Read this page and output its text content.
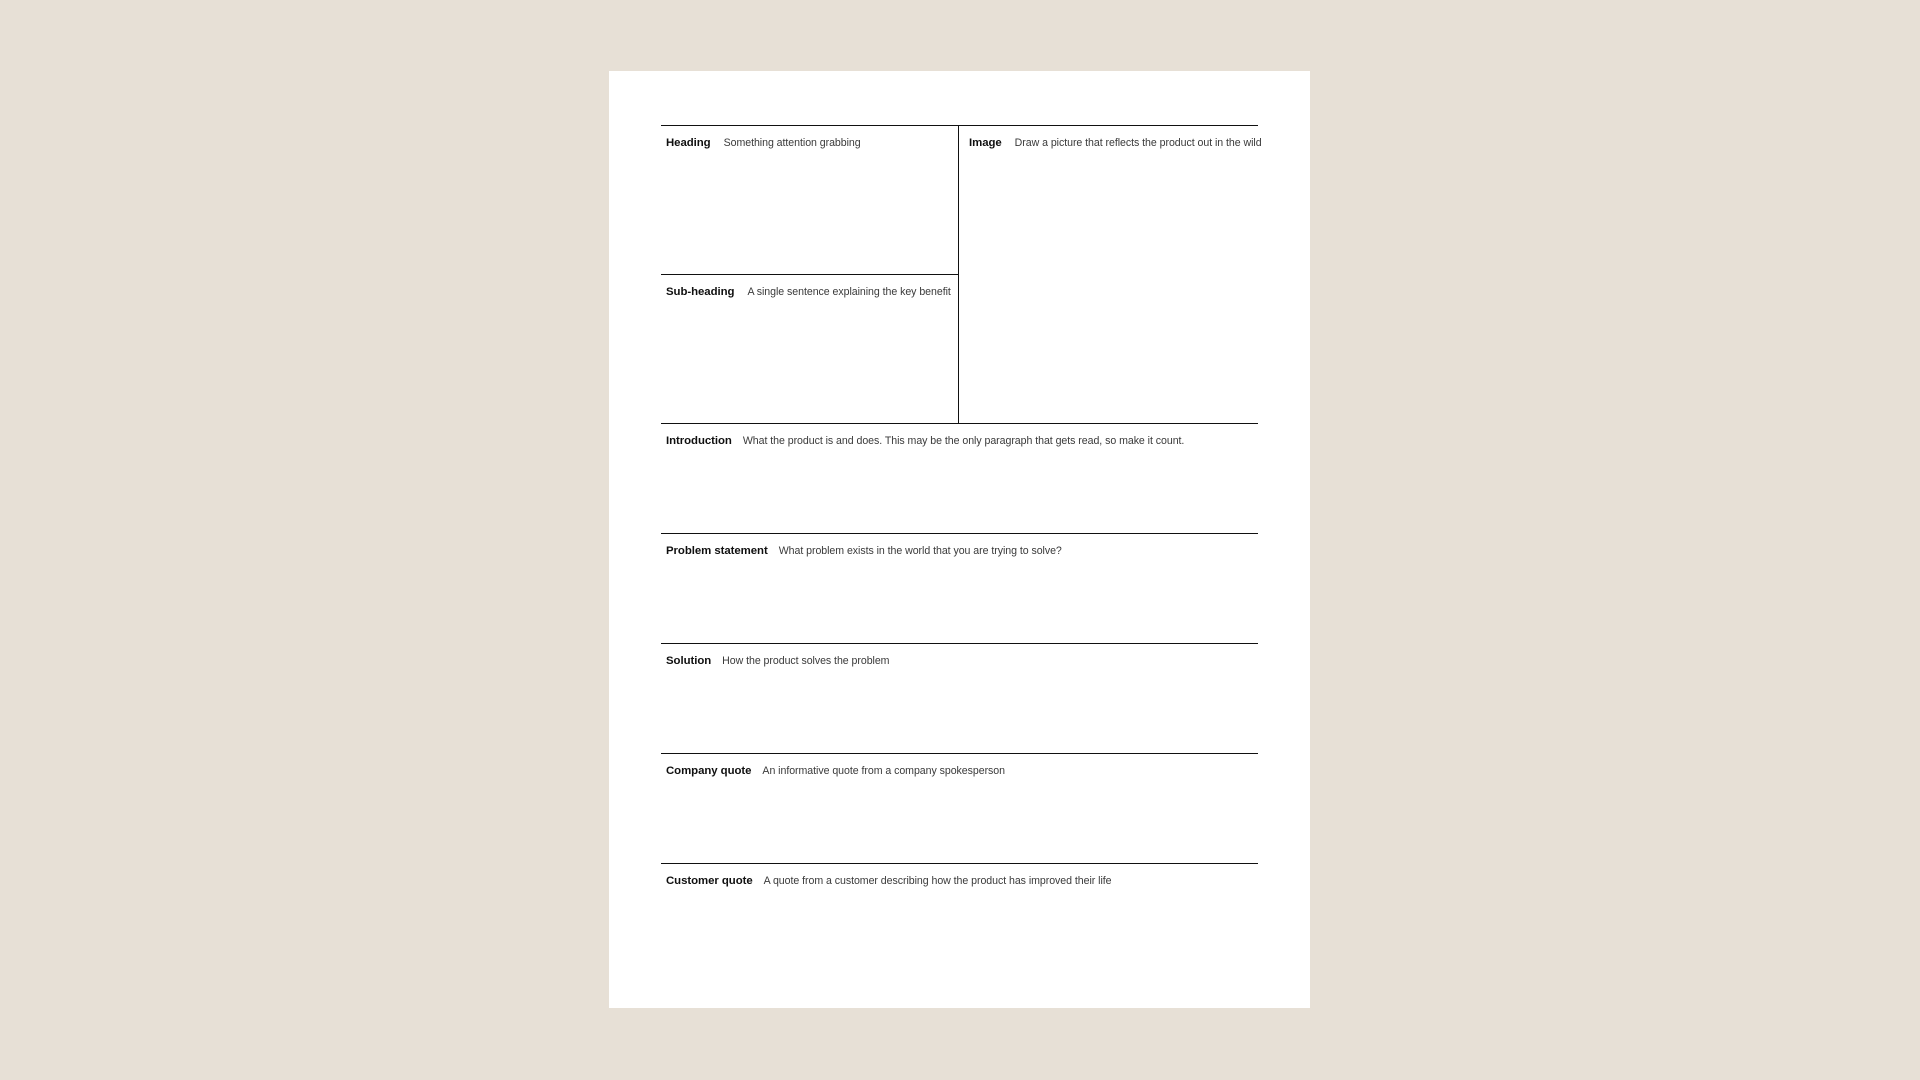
Heading Something attention grabbing
Sub-heading A single sentence explaining the key benefit
Image Draw a picture that reflects the product out in the wild
Introduction What the product is and does. This may be the only paragraph that gets read, so make it count.
Problem statement What problem exists in the world that you are trying to solve?
Solution How the product solves the problem
Company quote An informative quote from a company spokesperson
Customer quote A quote from a customer describing how the product has improved their life
